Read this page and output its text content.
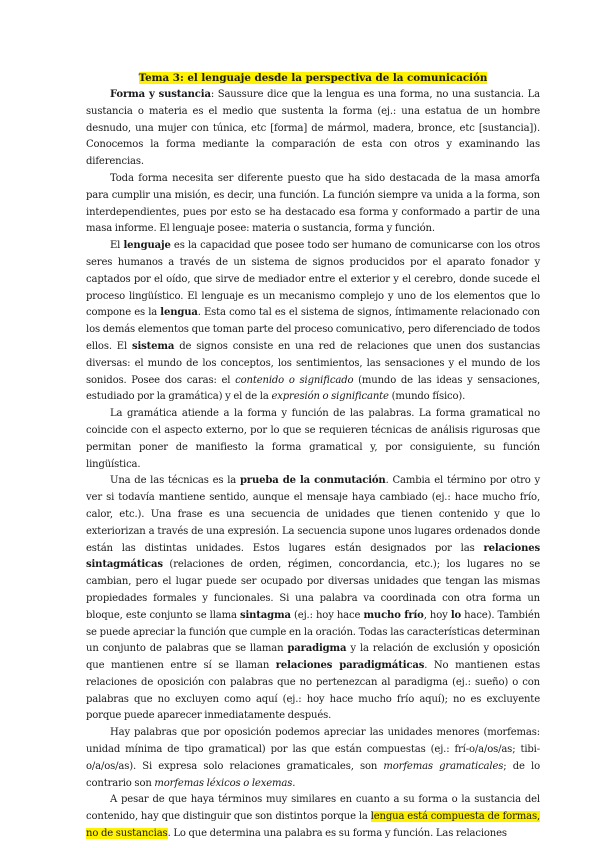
Tema 3: el lenguaje desde la perspectiva de la comunicación

Forma y sustancia: Saussure dice que la lengua es una forma, no una sustancia. La sustancia o materia es el medio que sustenta la forma (ej.: una estatua de un hombre desnudo, una mujer con túnica, etc [forma] de mármol, madera, bronce, etc [sustancia]). Conocemos la forma mediante la comparación de esta con otros y examinando las diferencias.

Toda forma necesita ser diferente puesto que ha sido destacada de la masa amorfa para cumplir una misión, es decir, una función. La función siempre va unida a la forma, son interdependientes, pues por esto se ha destacado esa forma y conformado a partir de una masa informe. El lenguaje posee: materia o sustancia, forma y función.

El lenguaje es la capacidad que posee todo ser humano de comunicarse con los otros seres humanos a través de un sistema de signos producidos por el aparato fonador y captados por el oído, que sirve de mediador entre el exterior y el cerebro, donde sucede el proceso lingüístico. El lenguaje es un mecanismo complejo y uno de los elementos que lo compone es la lengua. Esta como tal es el sistema de signos, íntimamente relacionado con los demás elementos que toman parte del proceso comunicativo, pero diferenciado de todos ellos. El sistema de signos consiste en una red de relaciones que unen dos sustancias diversas: el mundo de los conceptos, los sentimientos, las sensaciones y el mundo de los sonidos. Posee dos caras: el contenido o significado (mundo de las ideas y sensaciones, estudiado por la gramática) y el de la expresión o significante (mundo físico).

La gramática atiende a la forma y función de las palabras. La forma gramatical no coincide con el aspecto externo, por lo que se requieren técnicas de análisis rigurosas que permitan poner de manifiesto la forma gramatical y, por consiguiente, su función lingüística.

Una de las técnicas es la prueba de la conmutación. Cambia el término por otro y ver si todavía mantiene sentido, aunque el mensaje haya cambiado (ej.: hace mucho frío, calor, etc.). Una frase es una secuencia de unidades que tienen contenido y que lo exteriorizan a través de una expresión. La secuencia supone unos lugares ordenados donde están las distintas unidades. Estos lugares están designados por las relaciones sintagmáticas (relaciones de orden, régimen, concordancia, etc.); los lugares no se cambian, pero el lugar puede ser ocupado por diversas unidades que tengan las mismas propiedades formales y funcionales. Si una palabra va coordinada con otra forma un bloque, este conjunto se llama sintagma (ej.: hoy hace mucho frío, hoy lo hace). También se puede apreciar la función que cumple en la oración. Todas las características determinan un conjunto de palabras que se llaman paradigma y la relación de exclusión y oposición que mantienen entre sí se llaman relaciones paradigmáticas. No mantienen estas relaciones de oposición con palabras que no pertenezcan al paradigma (ej.: sueño) o con palabras que no excluyen como aquí (ej.: hoy hace mucho frío aquí); no es excluyente porque puede aparecer inmediatamente después.

Hay palabras que por oposición podemos apreciar las unidades menores (morfemas: unidad mínima de tipo gramatical) por las que están compuestas (ej.: frí-o/a/os/as; tibi-o/a/os/as). Si expresa solo relaciones gramaticales, son morfemas gramaticales; de lo contrario son morfemas léxicos o lexemas.

A pesar de que haya términos muy similares en cuanto a su forma o la sustancia del contenido, hay que distinguir que son distintos porque la lengua está compuesta de formas, no de sustancias. Lo que determina una palabra es su forma y función. Las relaciones
